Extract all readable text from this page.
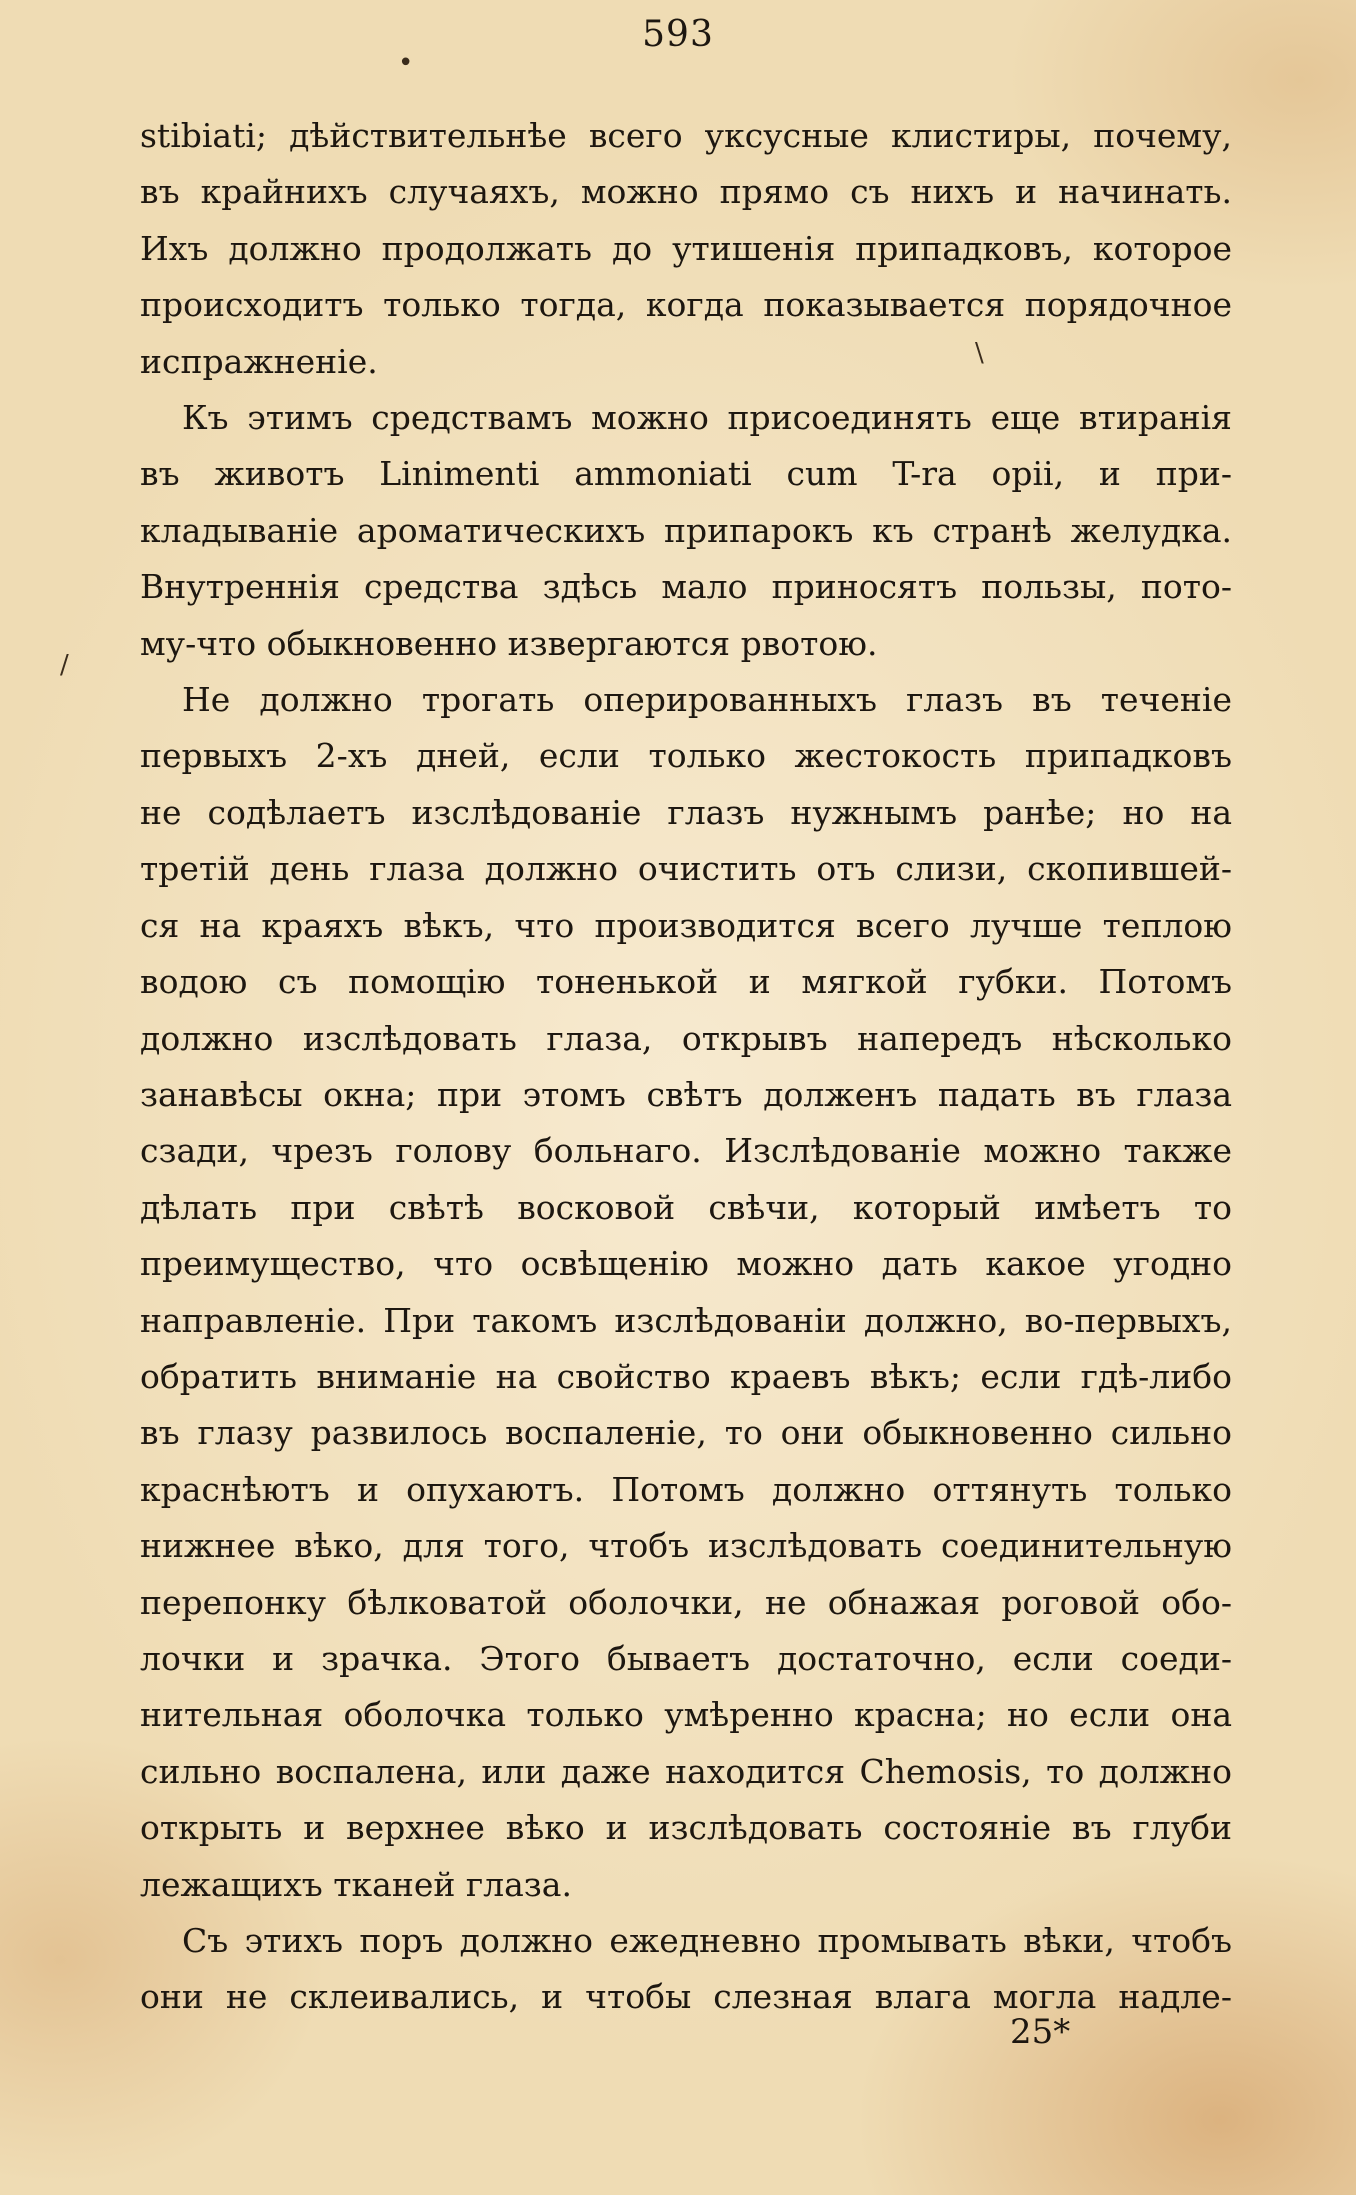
593
stibiati; дѣйствительнѣе всего уксусные клистиры, почему,
въ крайнихъ случаяхъ, можно прямо съ нихъ и начинать.
Ихъ должно продолжать до утишенія припадковъ, которое
происходитъ только тогда, когда показывается порядочное
испражненіе.
Къ этимъ средствамъ можно присоединять еще втиранія
въ животъ Linimenti ammoniati cum T-ra opii, и при-
кладываніе ароматическихъ припарокъ къ странѣ желудка.
Внутреннія средства здѣсь мало приносятъ пользы, пото-
му-что обыкновенно извергаются рвотою.
Не должно трогать оперированныхъ глазъ въ теченіе
первыхъ 2-хъ дней, если только жестокость припадковъ
не содѣлаетъ изслѣдованіе глазъ нужнымъ ранѣе; но на
третій день глаза должно очистить отъ слизи, скопившей-
ся на краяхъ вѣкъ, что производится всего лучше теплою
водою съ помощію тоненькой и мягкой губки. Потомъ
должно изслѣдовать глаза, открывъ напередъ нѣсколько
занавѣсы окна; при этомъ свѣтъ долженъ падать въ глаза
сзади, чрезъ голову больнаго. Изслѣдованіе можно также
дѣлать при свѣтѣ восковой свѣчи, который имѣетъ то
преимущество, что освѣщенію можно дать какое угодно
направленіе. При такомъ изслѣдованіи должно, во-первыхъ,
обратить вниманіе на свойство краевъ вѣкъ; если гдѣ-либо
въ глазу развилось воспаленіе, то они обыкновенно сильно
краснѣютъ и опухаютъ. Потомъ должно оттянуть только
нижнее вѣко, для того, чтобъ изслѣдовать соединительную
перепонку бѣлковатой оболочки, не обнажая роговой обо-
лочки и зрачка. Этого бываетъ достаточно, если соеди-
нительная оболочка только умѣренно красна; но если она
сильно воспалена, или даже находится Chemosis, то должно
открыть и верхнее вѣко и изслѣдовать состояніе въ глуби
лежащихъ тканей глаза.
Съ этихъ поръ должно ежедневно промывать вѣки, чтобъ
они не склеивались, и чтобы слезная влага могла надле-
25*
•
/
\
